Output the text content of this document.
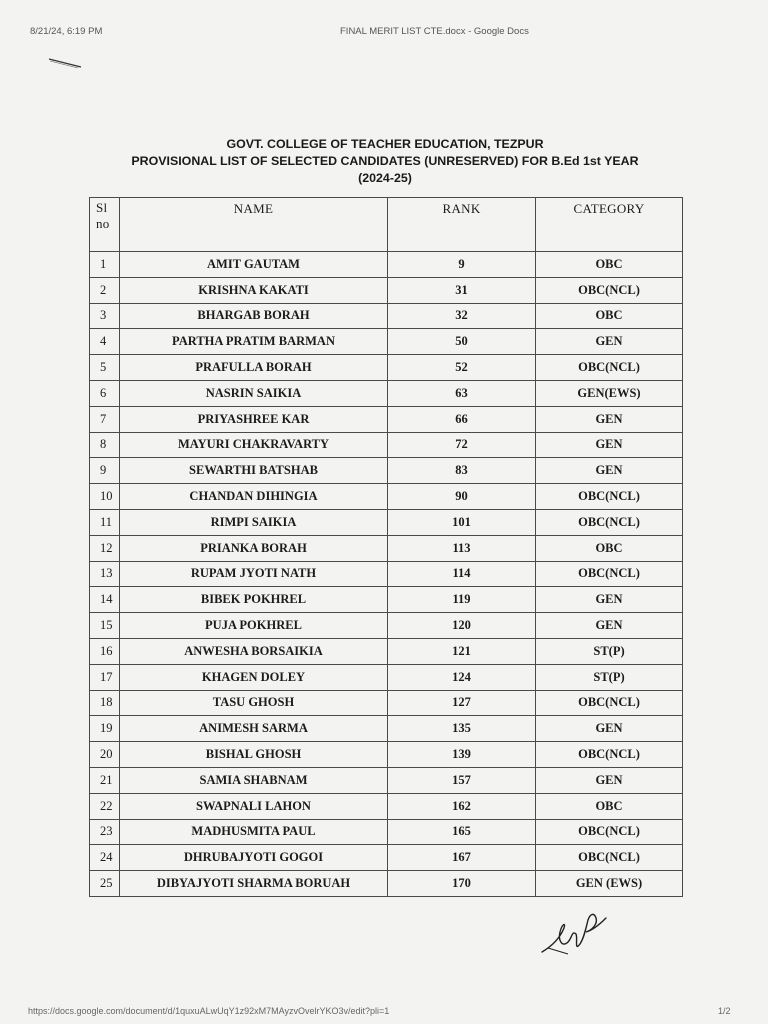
8/21/24, 6:19 PM	FINAL MERIT LIST CTE.docx - Google Docs
GOVT. COLLEGE OF TEACHER EDUCATION, TEZPUR
PROVISIONAL LIST OF SELECTED CANDIDATES (UNRESERVED) FOR B.Ed 1st YEAR
(2024-25)
Sl
no	NAME	RANK	CATEGORY
1	AMIT GAUTAM	9	OBC
2	KRISHNA KAKATI	31	OBC(NCL)
3	BHARGAB BORAH	32	OBC
4	PARTHA PRATIM BARMAN	50	GEN
5	PRAFULLA BORAH	52	OBC(NCL)
6	NASRIN SAIKIA	63	GEN(EWS)
7	PRIYASHREE KAR	66	GEN
8	MAYURI CHAKRAVARTY	72	GEN
9	SEWARTHI BATSHAB	83	GEN
10	CHANDAN DIHINGIA	90	OBC(NCL)
11	RIMPI SAIKIA	101	OBC(NCL)
12	PRIANKA BORAH	113	OBC
13	RUPAM JYOTI NATH	114	OBC(NCL)
14	BIBEK POKHREL	119	GEN
15	PUJA POKHREL	120	GEN
16	ANWESHA BORSAIKIA	121	ST(P)
17	KHAGEN DOLEY	124	ST(P)
18	TASU GHOSH	127	OBC(NCL)
19	ANIMESH SARMA	135	GEN
20	BISHAL GHOSH	139	OBC(NCL)
21	SAMIA SHABNAM	157	GEN
22	SWAPNALI LAHON	162	OBC
23	MADHUSMITA PAUL	165	OBC(NCL)
24	DHRUBAJYOTI GOGOI	167	OBC(NCL)
25	DIBYAJYOTI SHARMA BORUAH	170	GEN (EWS)
https://docs.google.com/document/d/1quxuALwUqY1z92xM7MAyzvOvelrYKO3v/edit?pli=1	1/2
